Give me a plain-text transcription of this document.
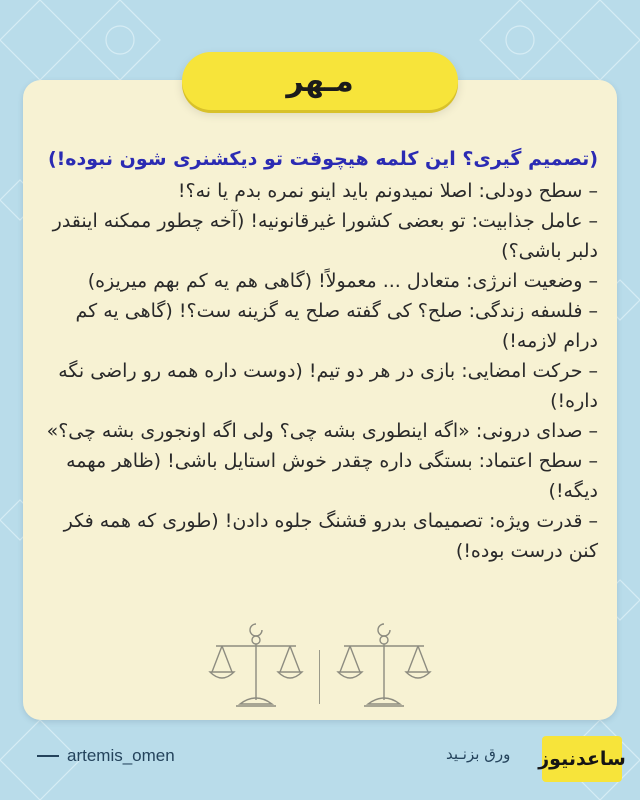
مـهر
(تصمیم گیری؟ این کلمه هیچوقت تو دیکشنری شون نبوده!)

– سطح دودلی: اصلا نمیدونم باید اینو نمره بدم یا نه؟!

– عامل جذابیت: تو بعضی کشورا غیرقانونیه! (آخه چطور ممکنه اینقدر دلبر باشی؟)

– وضعیت انرژی: متعادل ... معمولاً! (گاهی هم یه کم بهم میریزه)

– فلسفه زندگی: صلح؟ کی گفته صلح یه گزینه ست؟! (گاهی یه کم درام لازمه!)

– حرکت امضایی: بازی در هر دو تیم! (دوست داره همه رو راضی نگه داره!)

– صدای درونی: «اگه اینطوری بشه چی؟ ولی اگه اونجوری بشه چی؟»

– سطح اعتماد: بستگی داره چقدر خوش استایل باشی! (ظاهر مهمه دیگه!)

– قدرت ویژه: تصمیمای بدرو قشنگ جلوه دادن! (طوری که همه فکر کنن درست بوده!)

artemis_omen	ورق بزنـید ساعدنیوز
